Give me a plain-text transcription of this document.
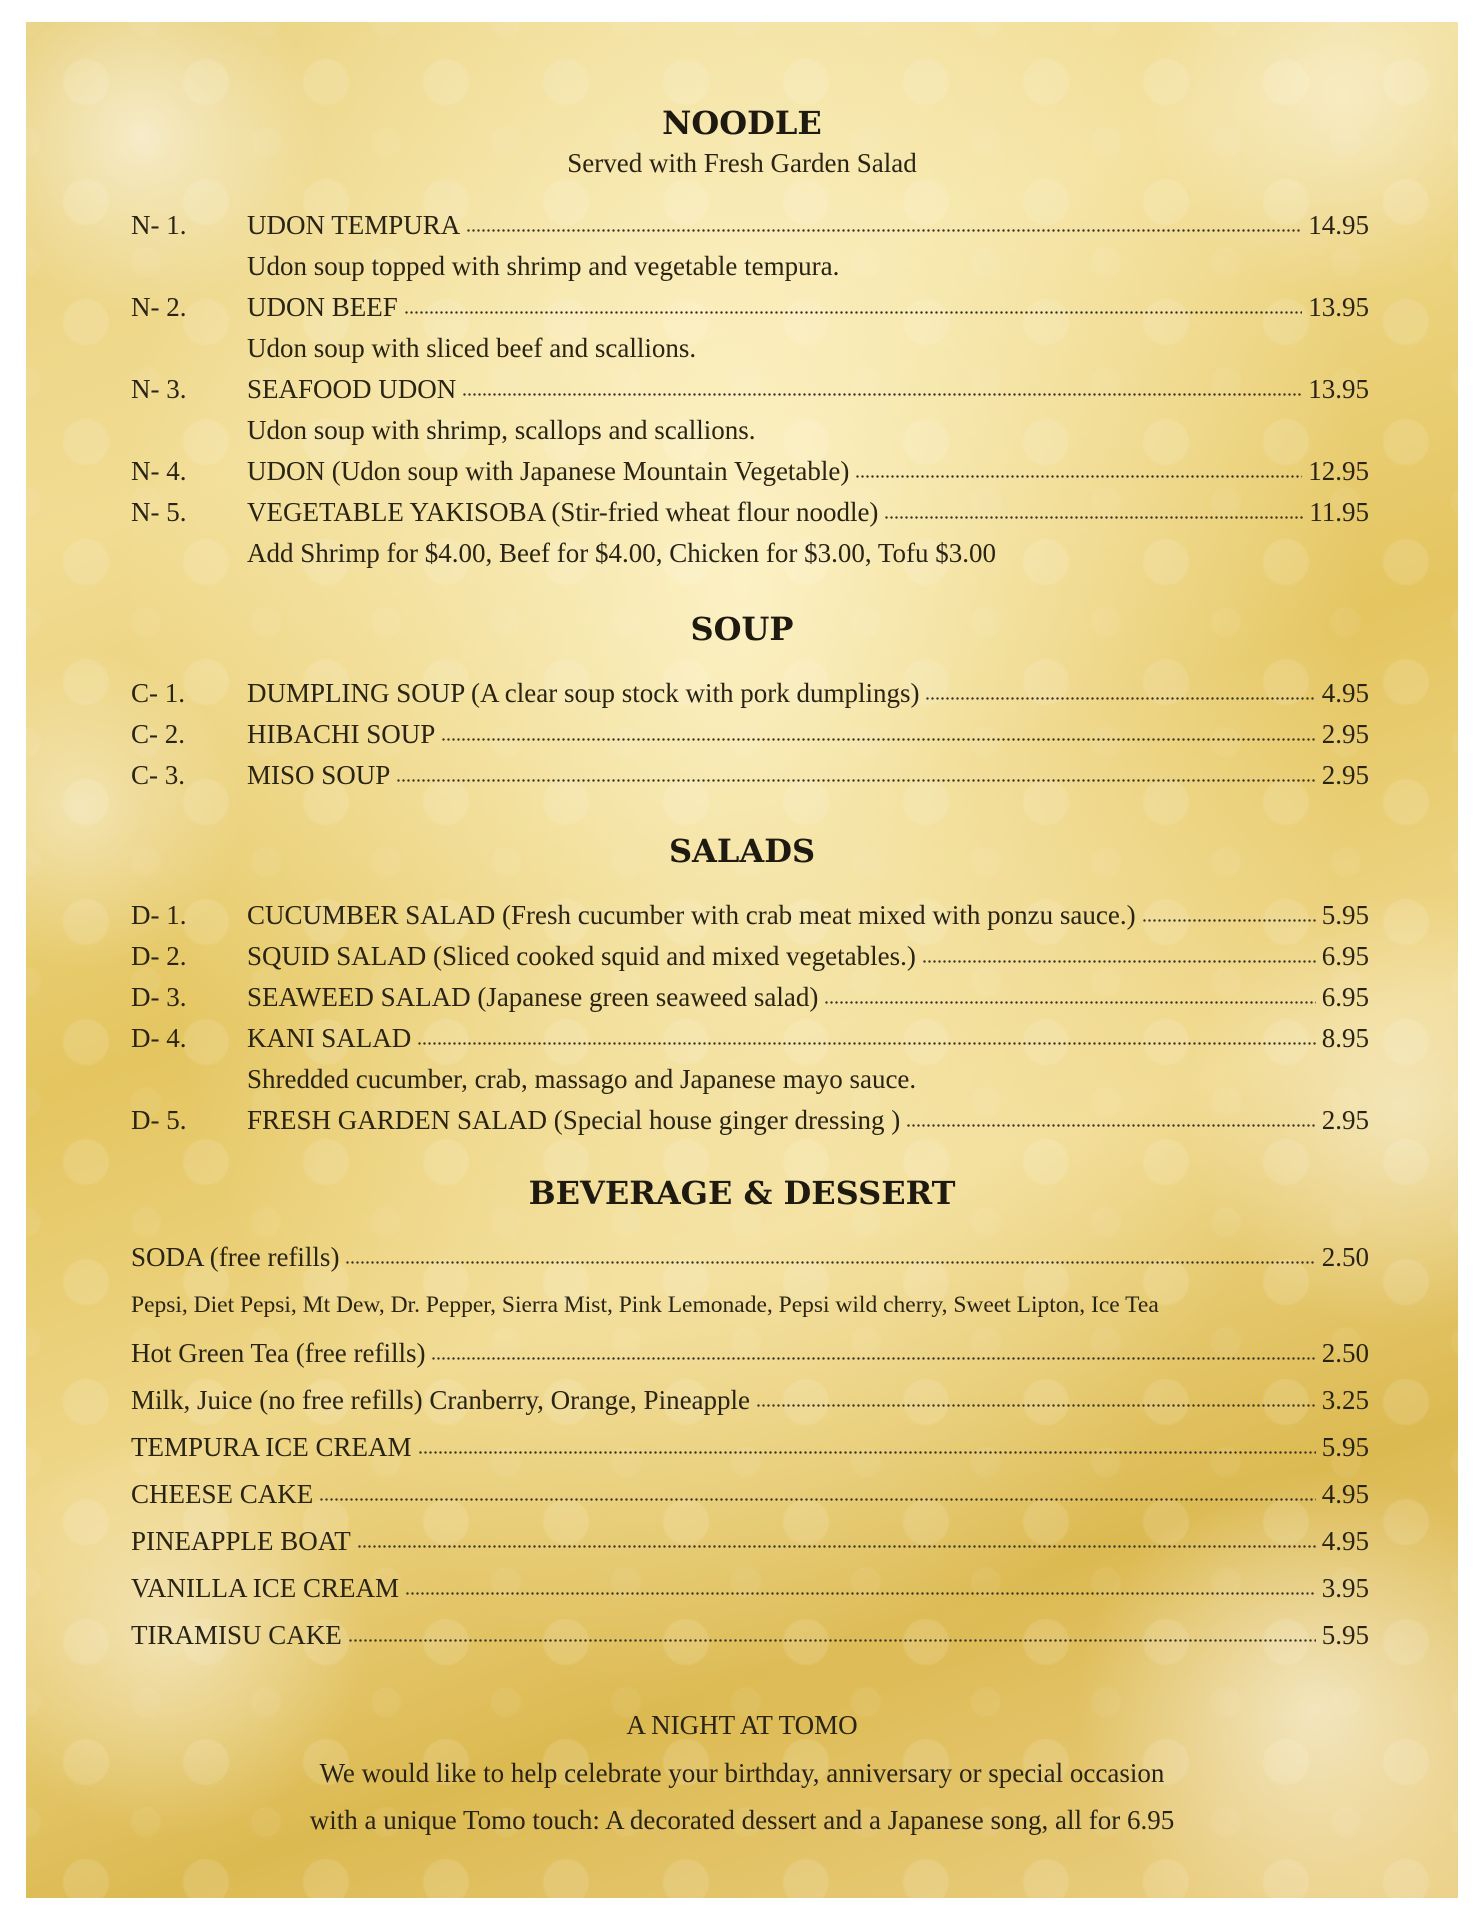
NOODLE

Served with Fresh Garden Salad

N- 1.	UDON TEMPURA	14.95
Udon soup topped with shrimp and vegetable tempura.
N- 2.	UDON BEEF	13.95
Udon soup with sliced beef and scallions.
N- 3.	SEAFOOD UDON	13.95
Udon soup with shrimp, scallops and scallions.
N- 4.	UDON (Udon soup with Japanese Mountain Vegetable)	12.95
N- 5.	VEGETABLE YAKISOBA (Stir-fried wheat flour noodle)	11.95
Add Shrimp for $4.00, Beef for $4.00, Chicken for $3.00, Tofu $3.00
SOUP
C- 1.	DUMPLING SOUP (A clear soup stock with pork dumplings)	4.95
C- 2.	HIBACHI SOUP	2.95
C- 3.	MISO SOUP	2.95
SALADS
D- 1.	CUCUMBER SALAD (Fresh cucumber with crab meat mixed with ponzu sauce.)	5.95
D- 2.	SQUID SALAD (Sliced cooked squid and mixed vegetables.)	6.95
D- 3.	SEAWEED SALAD (Japanese green seaweed salad)	6.95
D- 4.	KANI SALAD	8.95
Shredded cucumber, crab, massago and Japanese mayo sauce.
D- 5.	FRESH GARDEN SALAD (Special house ginger dressing )	2.95
BEVERAGE & DESSERT
SODA (free refills)	2.50
Pepsi, Diet Pepsi, Mt Dew, Dr. Pepper, Sierra Mist, Pink Lemonade, Pepsi wild cherry, Sweet Lipton, Ice Tea
Hot Green Tea (free refills)	2.50
Milk, Juice (no free refills) Cranberry, Orange, Pineapple	3.25
TEMPURA ICE CREAM	5.95
CHEESE CAKE	4.95
PINEAPPLE BOAT	4.95
VANILLA ICE CREAM	3.95
TIRAMISU CAKE	5.95
A NIGHT AT TOMO
We would like to help celebrate your birthday, anniversary or special occasion
with a unique Tomo touch: A decorated dessert and a Japanese song, all for 6.95
